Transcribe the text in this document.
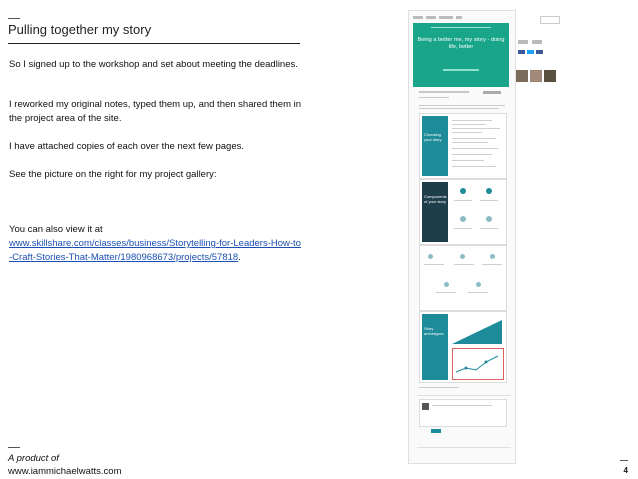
Pulling together my story
So I signed up to the workshop and set about meeting the deadlines.
I reworked my original notes, typed them up, and then shared them in the project area of the site.
I have attached copies of each over the next few pages.
See the picture on the right for my project gallery:
You can also view it at
www.skillshare.com/classes/business/Storytelling-for-Leaders-How-to-Craft-Stories-That-Matter/1980968673/projects/57818.
A product of
www.iammichaelwatts.com	4
Being a better me, my story - doing life, better
Choosing your story
Components of your story
Story archetypes
